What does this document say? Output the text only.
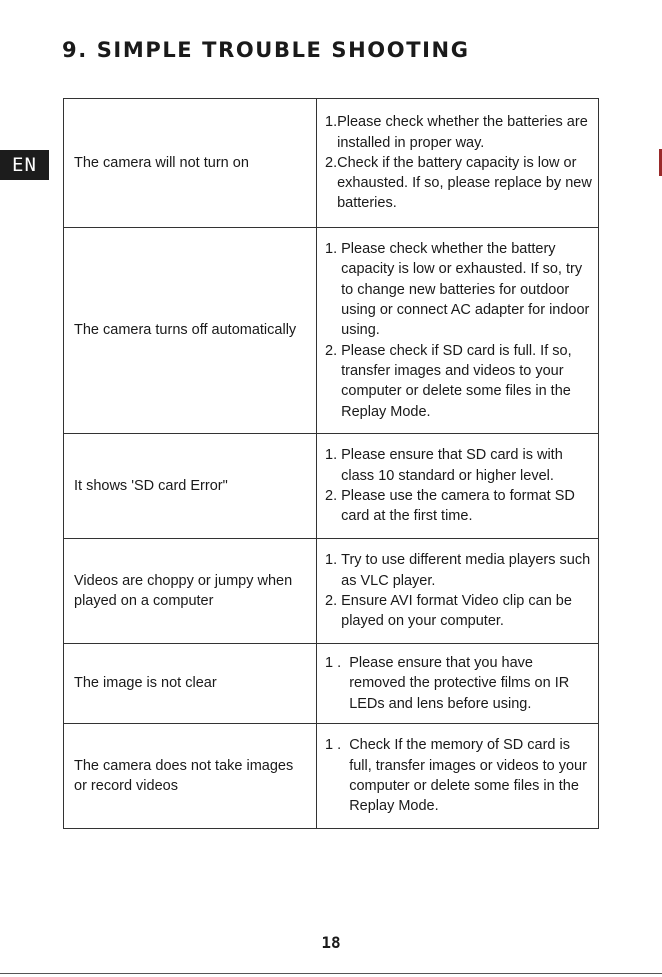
9. SIMPLE TROUBLE SHOOTING
EN	The camera will not turn on	1. Please check whether the batteries are installed in proper way.
2. Check if the battery capacity is low or exhausted. If so, please replace by new batteries.

The camera turns off automatically	1. Please check whether the battery capacity is low or exhausted. If so, try to change new batteries for outdoor using or connect AC adapter for indoor using.
2. Please check if SD card is full. If so, transfer images and videos to your computer or delete some files in the Replay Mode.

It shows 'SD card Error"	1. Please ensure that SD card is with class 10 standard or higher level.
2. Please use the camera to format SD card at the first time.

Videos are choppy or jumpy when played on a computer	1. Try to use different media players such as VLC player.
2. Ensure AVI format Video clip can be played on your computer.

The image is not clear	1 . Please ensure that you have removed the protective films on IR LEDs and lens before using.

The camera does not take images or record videos	1 . Check If the memory of SD card is full, transfer images or videos to your computer or delete some files in the Replay Mode.
18
